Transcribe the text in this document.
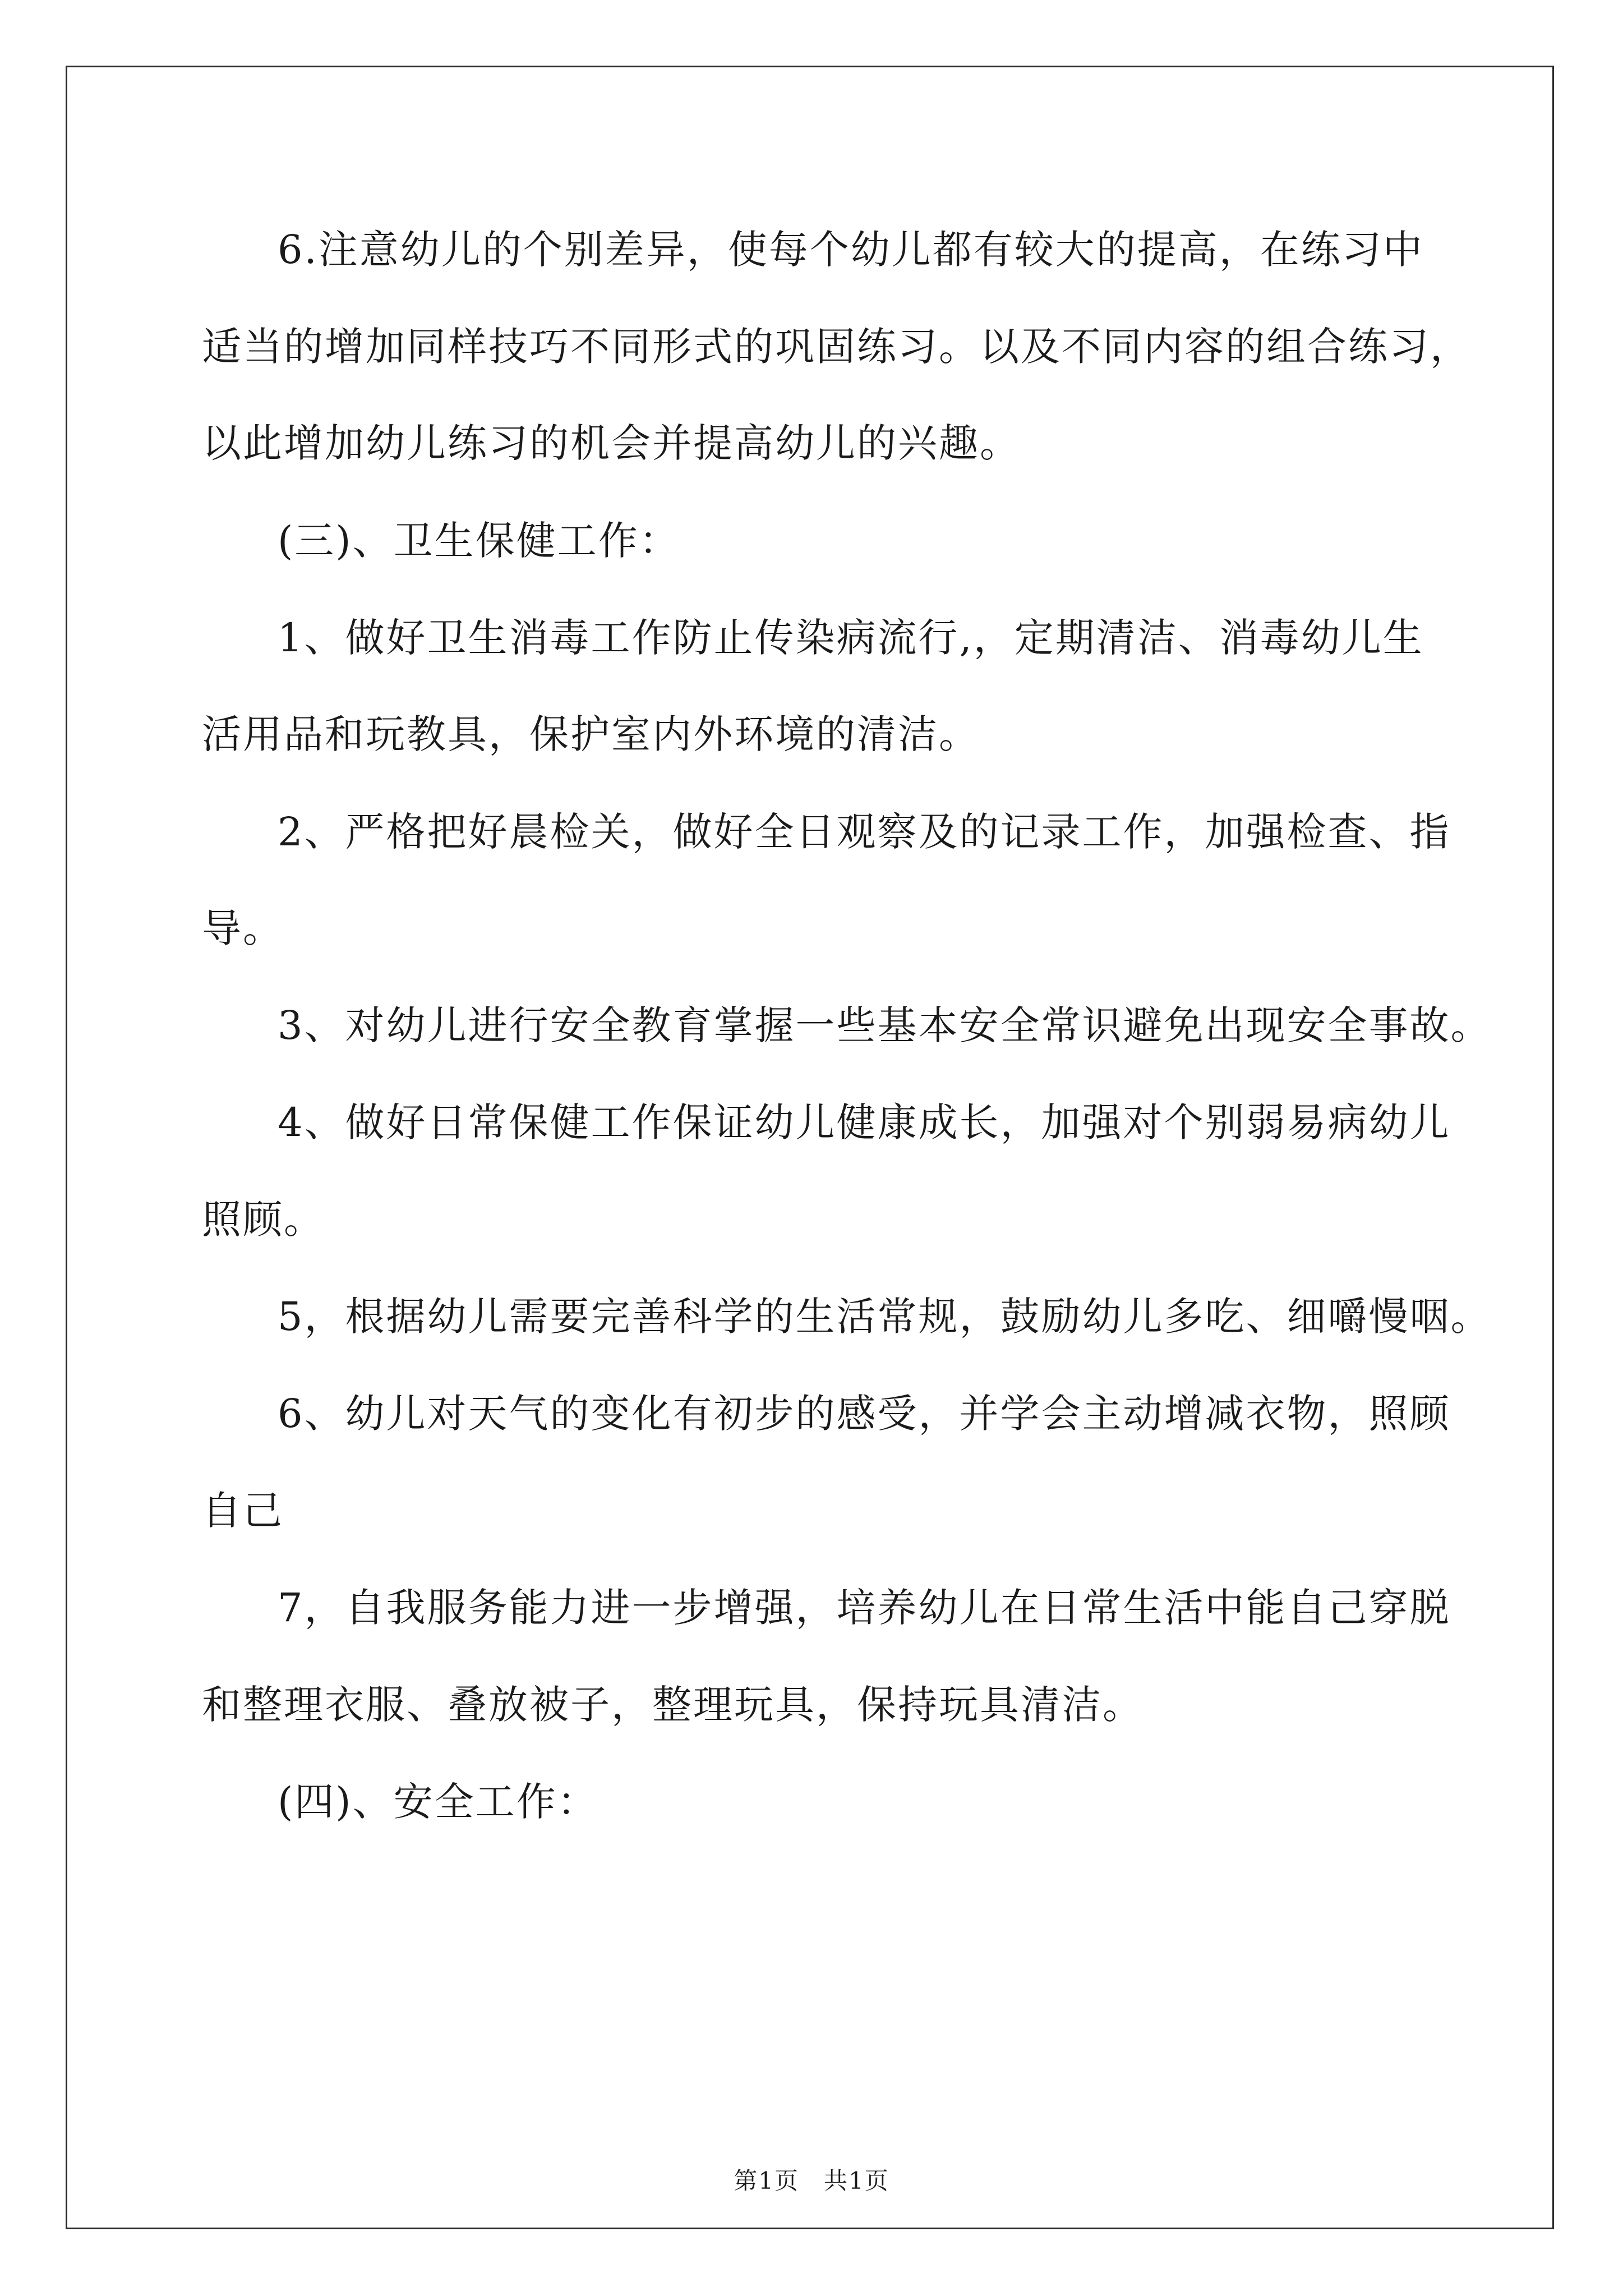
6.注意幼儿的个别差异，使每个幼儿都有较大的提高，在练习中
适当的增加同样技巧不同形式的巩固练习。以及不同内容的组合练习，
以此增加幼儿练习的机会并提高幼儿的兴趣。
(三)、卫生保健工作：
1、做好卫生消毒工作防止传染病流行,，定期清洁、消毒幼儿生
活用品和玩教具，保护室内外环境的清洁。
2、严格把好晨检关，做好全日观察及的记录工作，加强检查、指
导。
3、对幼儿进行安全教育掌握一些基本安全常识避免出现安全事故。
4、做好日常保健工作保证幼儿健康成长，加强对个别弱易病幼儿
照顾。
5，根据幼儿需要完善科学的生活常规，鼓励幼儿多吃、细嚼慢咽。
6、幼儿对天气的变化有初步的感受，并学会主动增减衣物，照顾
自己
7，自我服务能力进一步增强，培养幼儿在日常生活中能自己穿脱
和整理衣服、叠放被子，整理玩具，保持玩具清洁。
(四)、安全工作：
第1页　共1页
